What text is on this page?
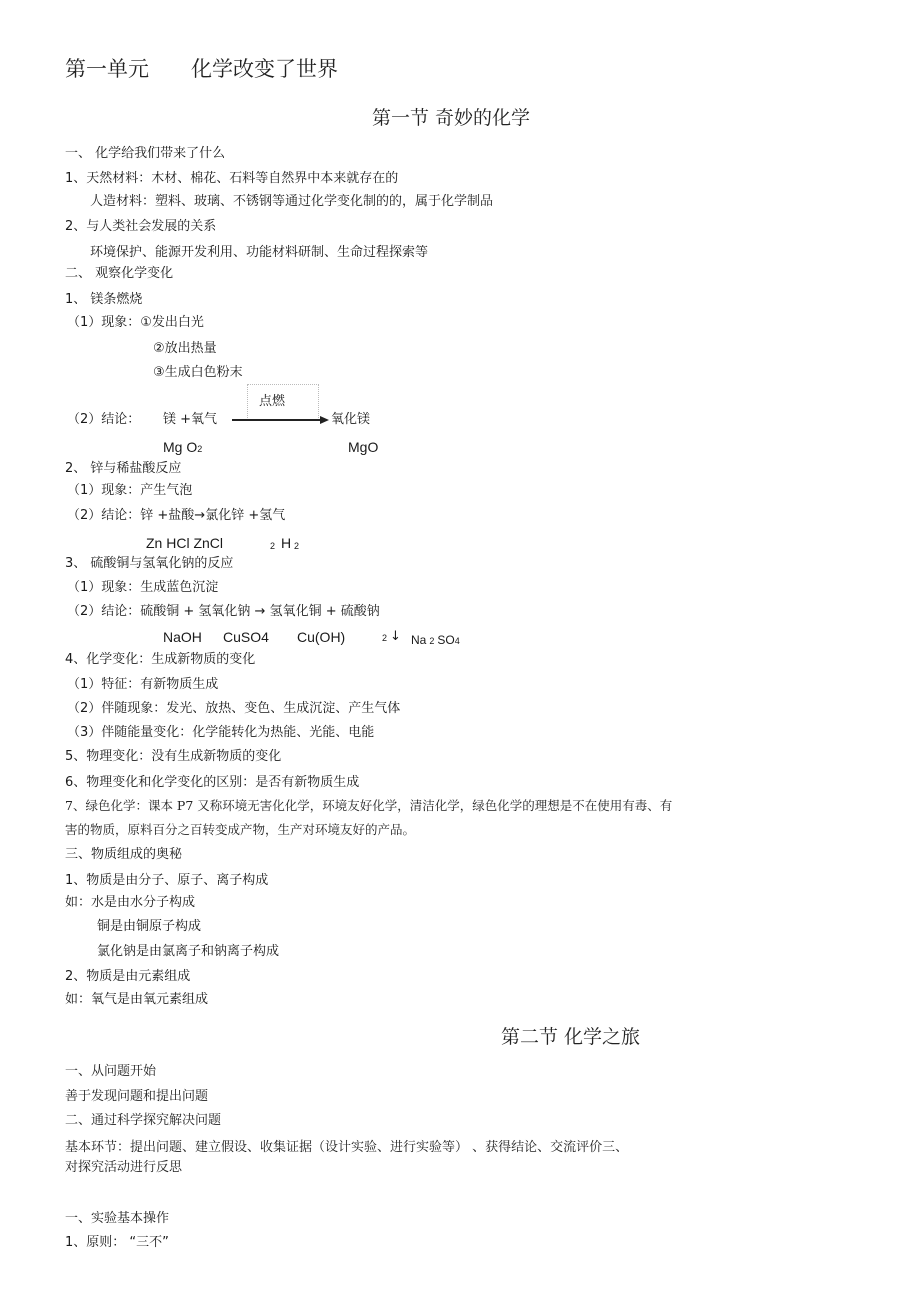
第一单元　　化学改变了世界
第一节 奇妙的化学
一、 化学给我们带来了什么
1、天然材料：木材、棉花、石料等自然界中本来就存在的
人造材料：塑料、玻璃、不锈钢等通过化学变化制的的，属于化学制品
2、与人类社会发展的关系
环境保护、能源开发利用、功能材料研制、生命过程探索等
二、 观察化学变化
1、 镁条燃烧
（1）现象：①发出白光
②放出热量
③生成白色粉末
点燃
（2）结论： 镁 +氧气	氧化镁
Mg O2	MgO
2、 锌与稀盐酸反应
（1）现象：产生气泡
（2）结论：锌 +盐酸→氯化锌 +氢气
Zn HCl ZnCl	2 H 2
3、 硫酸铜与氢氧化钠的反应
（1）现象：生成蓝色沉淀
（2）结论：硫酸铜 + 氢氧化钠 → 氢氧化铜 + 硫酸钠
NaOH CuSO4 Cu(OH)	2 ↓ Na 2 SO4
4、化学变化：生成新物质的变化
（1）特征：有新物质生成
（2）伴随现象：发光、放热、变色、生成沉淀、产生气体
（3）伴随能量变化：化学能转化为热能、光能、电能
5、物理变化：没有生成新物质的变化
6、物理变化和化学变化的区别：是否有新物质生成
7、绿色化学：课本 P7 又称环境无害化化学，环境友好化学，清洁化学，绿色化学的理想是不在使用有毒、有
害的物质，原料百分之百转变成产物，生产对环境友好的产品。
三、物质组成的奥秘
1、物质是由分子、原子、离子构成
如：水是由水分子构成
铜是由铜原子构成
氯化钠是由氯离子和钠离子构成
2、物质是由元素组成
如：氧气是由氧元素组成
第二节 化学之旅
一、从问题开始
善于发现问题和提出问题
二、通过科学探究解决问题
基本环节：提出问题、建立假设、收集证据（设计实验、进行实验等） 、获得结论、交流评价三、
对探究活动进行反思
一、实验基本操作
1、原则： “三不”
